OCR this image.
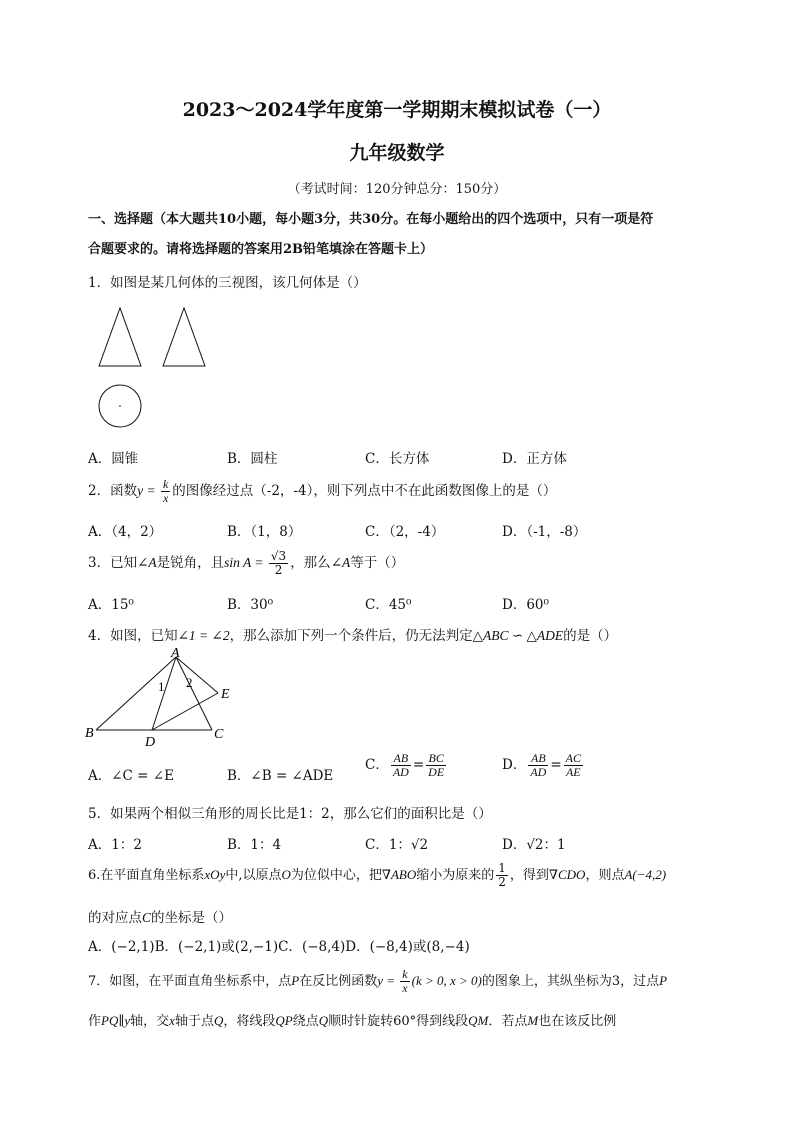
2023～2024学年度第一学期期末模拟试卷（一）
九年级数学
（考试时间：120分钟总分：150分）
一、选择题（本大题共10小题，每小题3分，共30分。在每小题给出的四个选项中，只有一项是符
合题要求的。请将选择题的答案用2B铅笔填涂在答题卡上）
1．如图是某几何体的三视图，该几何体是（）
A．圆锥	B．圆柱	C．长方体	D．正方体
2．函数$y = \frac{k}{x}$ 的图像经过点（-2，-4），则下列点中不在此函数图像上的是（）
A．（4，2）	B．（1，8）	C．（2，-4）	D．（-1，-8）
3．已知∠A是锐角，且$\sin A = \frac{√3}{2}$ ，那么∠A等于（）
A．15⁰	B．30⁰	C．45⁰	D．60⁰
4．如图，已知∠1 = ∠2，那么添加下列一个条件后，仍无法判定△ABC ∽ △ADE的是（）
A
B	C
D
E
1 2
A．∠C = ∠E	B．∠B = ∠ADE
C． $\frac{AB}{AD} = \frac{BC}{DE}$	D． $\frac{AB}{AD} = \frac{AC}{AE}$
5．如果两个相似三角形的周长比是1：2，那么它们的面积比是（）
A．1：2	B．1：4	C．1：√2	D．√2：1
6.在平面直角坐标系xOy中,以原点O为位似中心，把∇ABO缩小为原来的 $\frac{1}{2}$ ，得到∇CDO，则点A(−4,2)
的对应点C的坐标是（）
A．(−2,1)B．(−2,1)或(2,−1)C．(−8,4)D．(−8,4)或(8,−4)
7．如图，在平面直角坐标系中，点P在反比例函数$y = \frac{k}{x} (k > 0$, x > 0)的图象上，其纵坐标为3，过点P
作PQ∥y轴，交x轴于点Q，将线段QP绕点Q顺时针旋转60°得到线段QM．若点M也在该反比例
